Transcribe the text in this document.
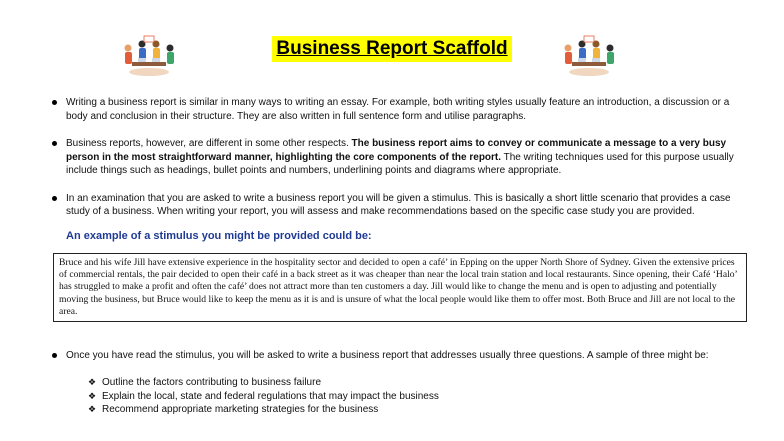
Business Report Scaffold
Writing a business report is similar in many ways to writing an essay. For example, both writing styles usually feature an introduction, a discussion or a body and conclusion in their structure. They are also written in full sentence form and utilise paragraphs.
Business reports, however, are different in some other respects. The business report aims to convey or communicate a message to a very busy person in the most straightforward manner, highlighting the core components of the report. The writing techniques used for this purpose usually include things such as headings, bullet points and numbers, underlining points and diagrams where appropriate.
In an examination that you are asked to write a business report you will be given a stimulus. This is basically a short little scenario that provides a case study of a business. When writing your report, you will assess and make recommendations based on the specific case study you are provided.
An example of a stimulus you might be provided could be:
Bruce and his wife Jill have extensive experience in the hospitality sector and decided to open a café’ in Epping on the upper North Shore of Sydney. Given the extensive prices of commercial rentals, the pair decided to open their café in a back street as it was cheaper than near the local train station and local restaurants. Since opening, their Café ‘Halo’ has struggled to make a profit and often the café’ does not attract more than ten customers a day. Jill would like to change the menu and is open to adjusting and potentially moving the business, but Bruce would like to keep the menu as it is and is unsure of what the local people would like them to offer most. Both Bruce and Jill are not local to the area.
Once you have read the stimulus, you will be asked to write a business report that addresses usually three questions. A sample of three might be:
❖ Outline the factors contributing to business failure
❖ Explain the local, state and federal regulations that may impact the business
❖ Recommend appropriate marketing strategies for the business
